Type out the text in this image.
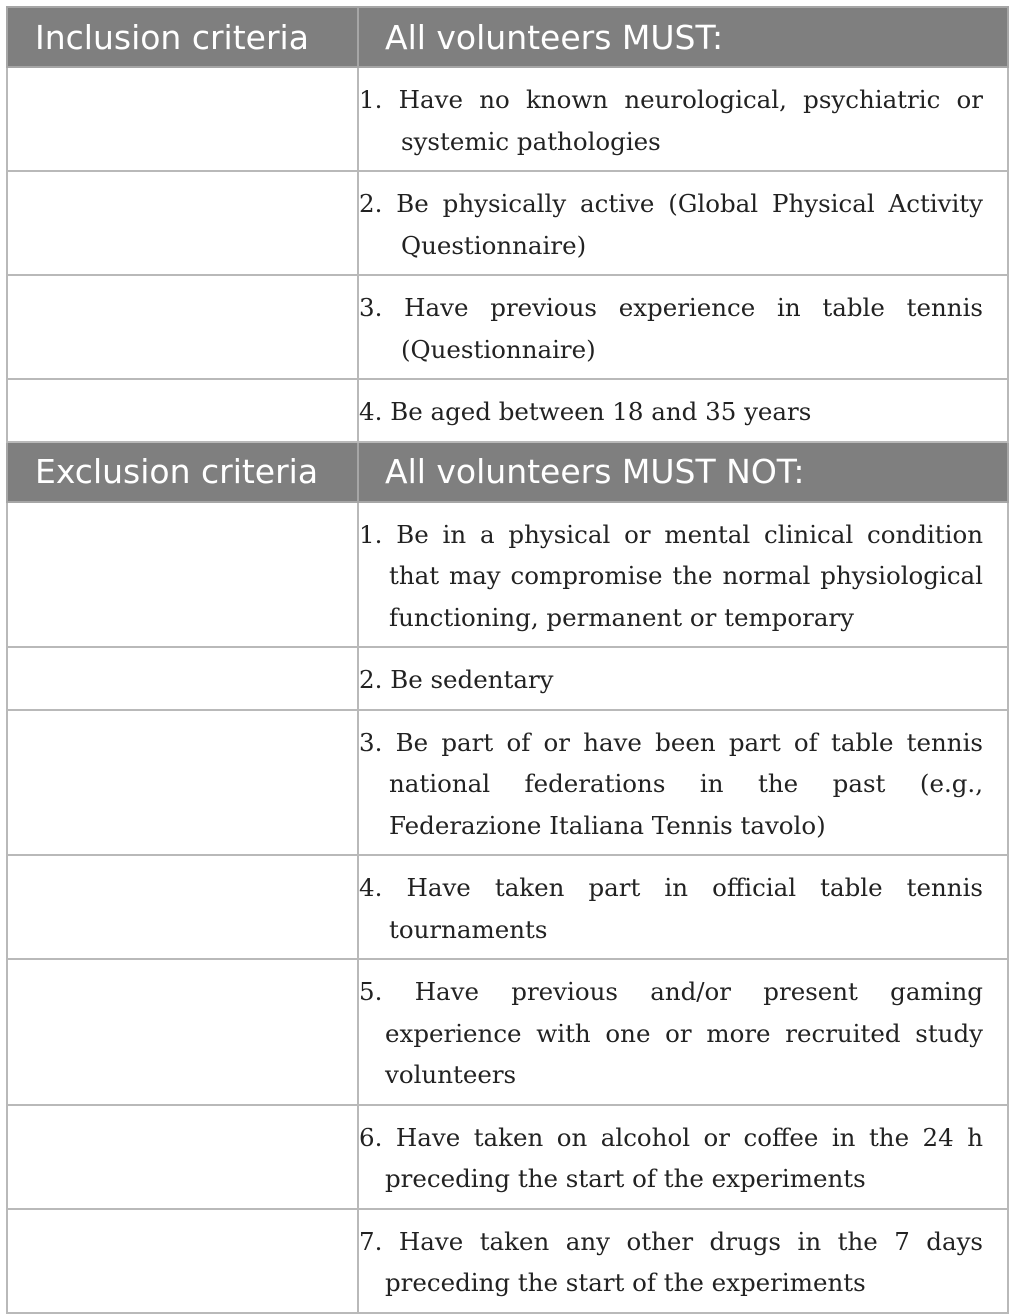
Inclusion criteria	All volunteers MUST:

	1. Have no known neurological, psychiatric or systemic pathologies

	2. Be physically active (Global Physical Activity Questionnaire)

	3. Have previous experience in table tennis (Questionnaire)

	4. Be aged between 18 and 35 years

Exclusion criteria	All volunteers MUST NOT:

	1. Be in a physical or mental clinical condition that may compromise the normal physiological functioning, permanent or temporary

	2. Be sedentary

	3. Be part of or have been part of table tennis national federations in the past (e.g., Federazione Italiana Tennis tavolo)

	4. Have taken part in official table tennis tournaments

	5. Have previous and/or present gaming experience with one or more recruited study volunteers

	6. Have taken on alcohol or coffee in the 24 h preceding the start of the experiments

	7. Have taken any other drugs in the 7 days preceding the start of the experiments
